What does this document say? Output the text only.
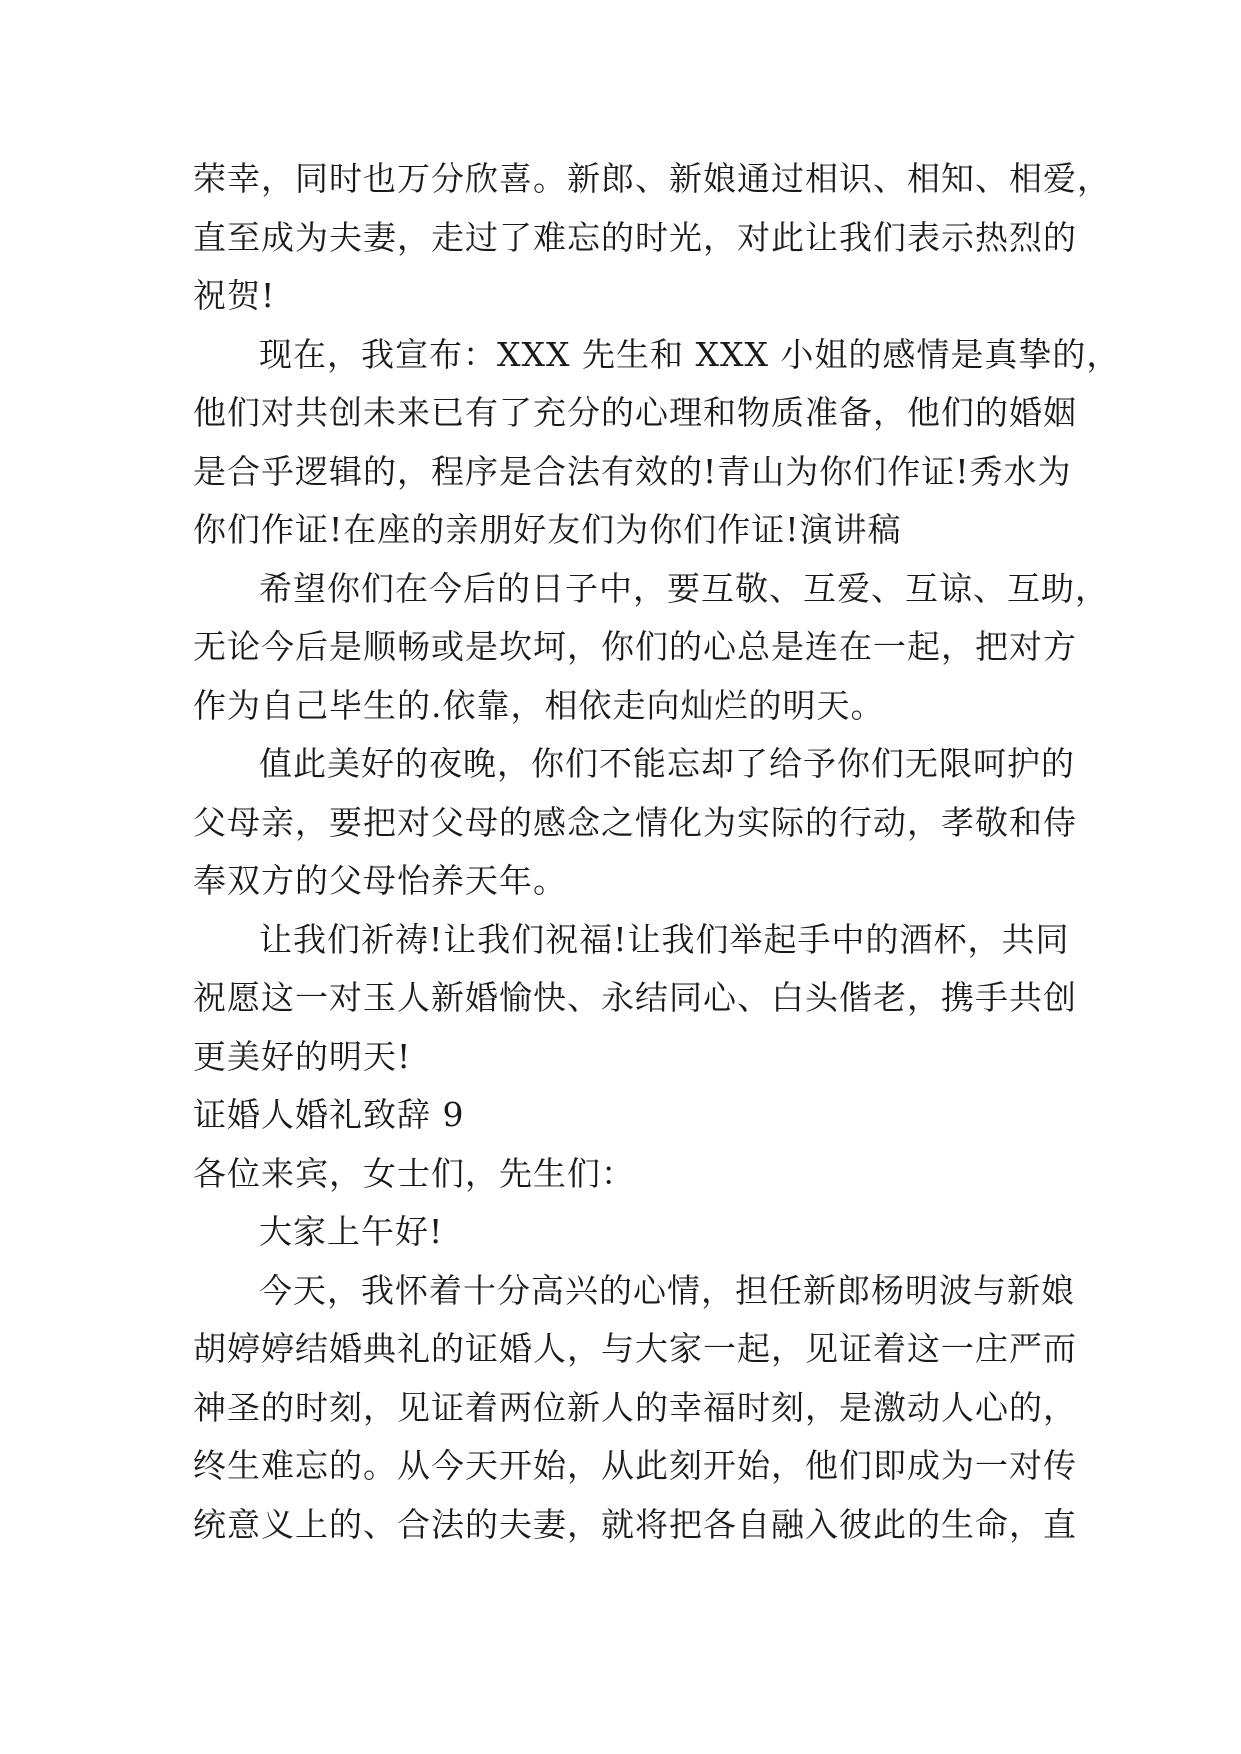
荣幸，同时也万分欣喜。新郎、新娘通过相识、相知、相爱，
直至成为夫妻，走过了难忘的时光，对此让我们表示热烈的
祝贺!
现在，我宣布：XXX 先生和 XXX 小姐的感情是真挚的，
他们对共创未来已有了充分的心理和物质准备，他们的婚姻
是合乎逻辑的，程序是合法有效的!青山为你们作证!秀水为
你们作证!在座的亲朋好友们为你们作证!演讲稿
希望你们在今后的日子中，要互敬、互爱、互谅、互助，
无论今后是顺畅或是坎坷，你们的心总是连在一起，把对方
作为自己毕生的.依靠，相依走向灿烂的明天。
值此美好的夜晚，你们不能忘却了给予你们无限呵护的
父母亲，要把对父母的感念之情化为实际的行动，孝敬和侍
奉双方的父母怡养天年。
让我们祈祷!让我们祝福!让我们举起手中的酒杯，共同
祝愿这一对玉人新婚愉快、永结同心、白头偕老，携手共创
更美好的明天!
证婚人婚礼致辞 9
各位来宾，女士们，先生们：
大家上午好!
今天，我怀着十分高兴的心情，担任新郎杨明波与新娘
胡婷婷结婚典礼的证婚人，与大家一起，见证着这一庄严而
神圣的时刻，见证着两位新人的幸福时刻，是激动人心的，
终生难忘的。从今天开始，从此刻开始，他们即成为一对传
统意义上的、合法的夫妻，就将把各自融入彼此的生命，直
